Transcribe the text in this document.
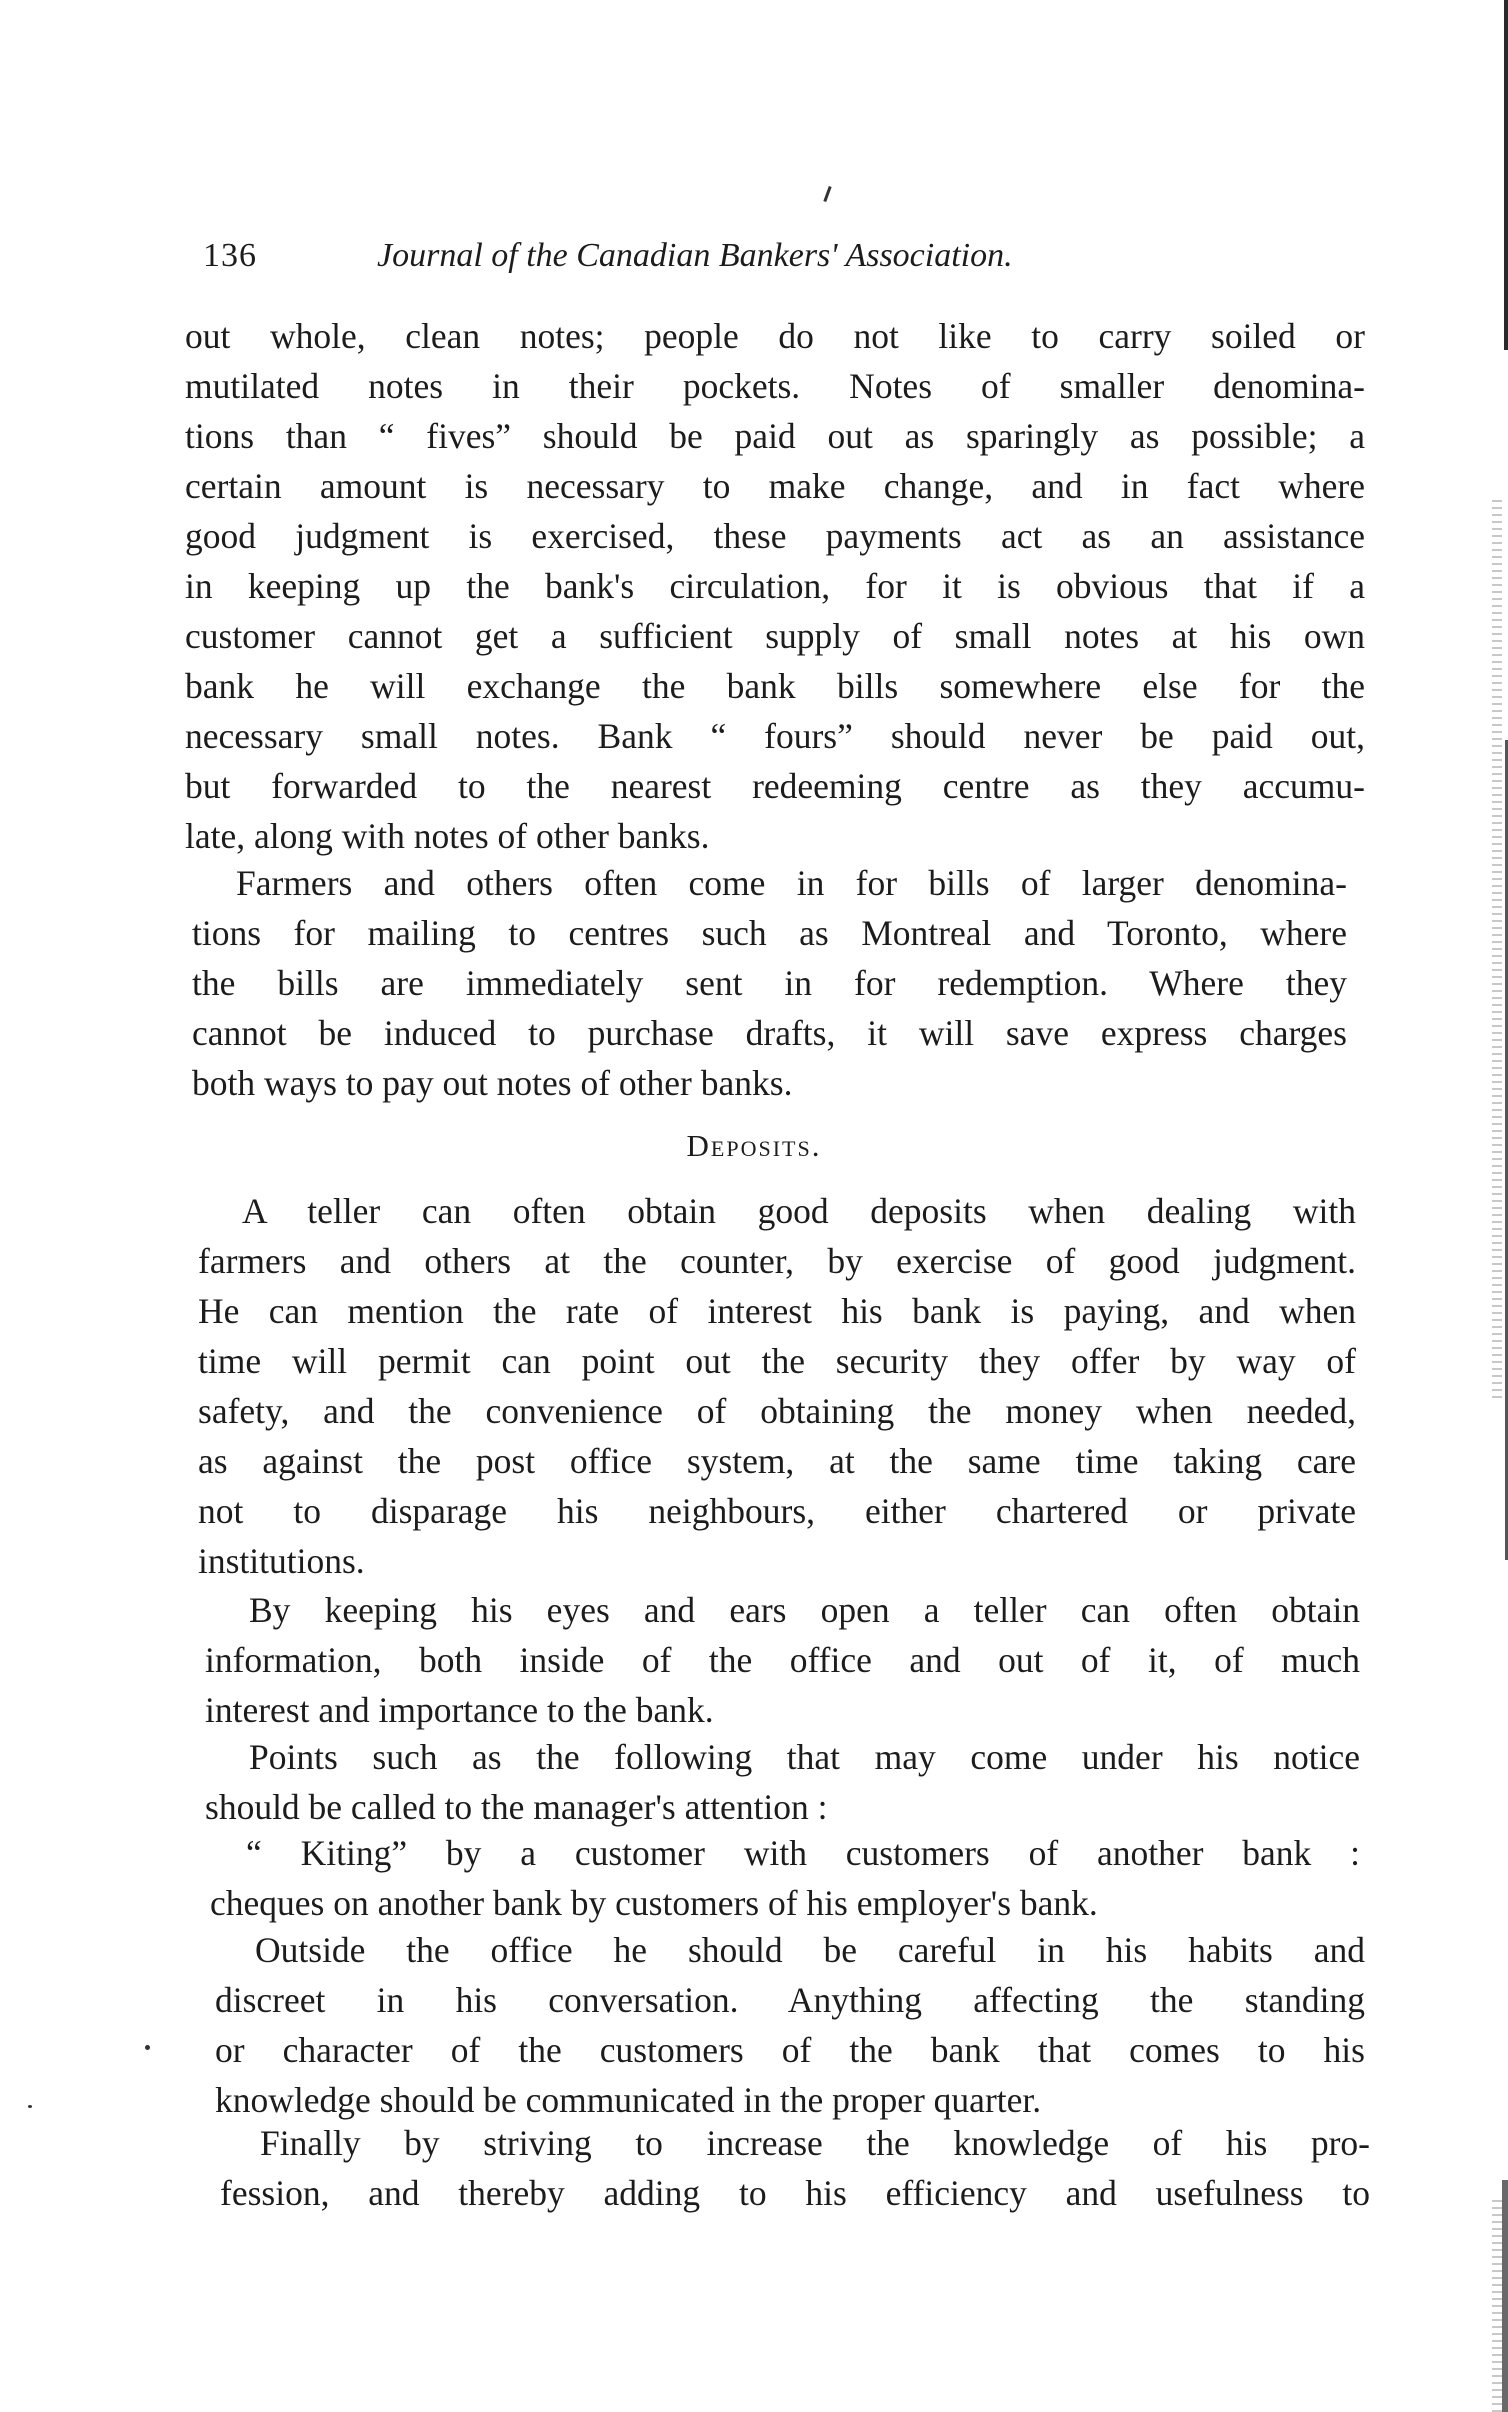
136	Journal of the Canadian Bankers' Association.
out whole, clean notes; people do not like to carry soiled or
mutilated notes in their pockets. Notes of smaller denomina-
tions than “ fives” should be paid out as sparingly as possible; a
certain amount is necessary to make change, and in fact where
good judgment is exercised, these payments act as an assistance
in keeping up the bank's circulation, for it is obvious that if a
customer cannot get a sufficient supply of small notes at his own
bank he will exchange the bank bills somewhere else for the
necessary small notes. Bank “ fours” should never be paid out,
but forwarded to the nearest redeeming centre as they accumu-
late, along with notes of other banks.
Farmers and others often come in for bills of larger denomina-
tions for mailing to centres such as Montreal and Toronto, where
the bills are immediately sent in for redemption. Where they
cannot be induced to purchase drafts, it will save express charges
both ways to pay out notes of other banks.
Deposits.
A teller can often obtain good deposits when dealing with
farmers and others at the counter, by exercise of good judgment.
He can mention the rate of interest his bank is paying, and when
time will permit can point out the security they offer by way of
safety, and the convenience of obtaining the money when needed,
as against the post office system, at the same time taking care
not to disparage his neighbours, either chartered or private
institutions.
By keeping his eyes and ears open a teller can often obtain
information, both inside of the office and out of it, of much
interest and importance to the bank.
Points such as the following that may come under his notice
should be called to the manager's attention :
“ Kiting” by a customer with customers of another bank :
cheques on another bank by customers of his employer's bank.
Outside the office he should be careful in his habits and
discreet in his conversation. Anything affecting the standing
or character of the customers of the bank that comes to his
knowledge should be communicated in the proper quarter.
Finally by striving to increase the knowledge of his pro-
fession, and thereby adding to his efficiency and usefulness to
